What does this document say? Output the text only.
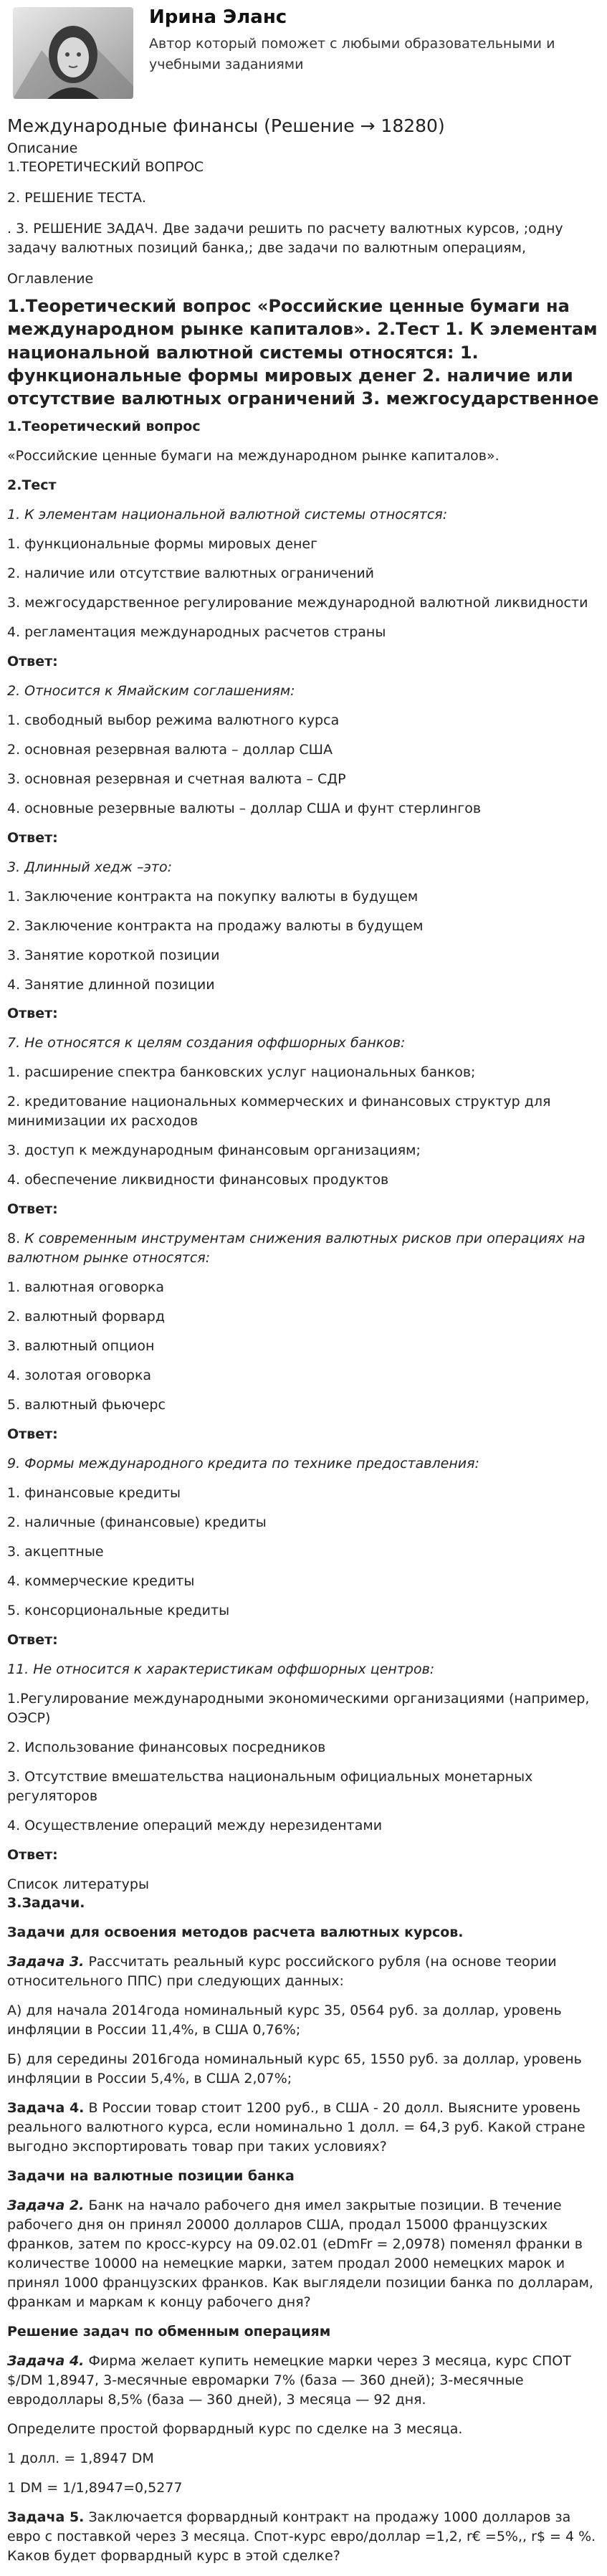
Ирина Эланс
Автор который поможет с любыми образовательными и учебными заданиями
Международные финансы (Решение → 18280)
Описание
1.ТЕОРЕТИЧЕСКИЙ ВОПРОС
2. РЕШЕНИЕ ТЕСТА.
. 3. РЕШЕНИЕ ЗАДАЧ. Две задачи решить по расчету валютных курсов, ;одну задачу валютных позиций банка,; две задачи по валютным операциям,
Оглавление
1.Теоретический вопрос «Российские ценные бумаги на международном рынке капиталов». 2.Тест 1. К элементам национальной валютной системы относятся: 1. функциональные формы мировых денег 2. наличие или отсутствие валютных ограничений 3. межгосударственное

1.Теоретический вопрос

«Российские ценные бумаги на международном рынке капиталов».

2.Тест

1. К элементам национальной валютной системы относятся:

1. функциональные формы мировых денег

2. наличие или отсутствие валютных ограничений

3. межгосударственное регулирование международной валютной ликвидности

4. регламентация международных расчетов страны

Ответ:

2. Относится к Ямайским соглашениям:

1. свободный выбор режима валютного курса

2. основная резервная валюта – доллар США

3. основная резервная и счетная валюта – СДР

4. основные резервные валюты – доллар США и фунт стерлингов

Ответ:

3. Длинный хедж –это:

1. Заключение контракта на покупку валюты в будущем

2. Заключение контракта на продажу валюты в будущем

3. Занятие короткой позиции

4. Занятие длинной позиции

Ответ:

7. Не относятся к целям создания оффшорных банков:

1. расширение спектра банковских услуг национальных банков;

2. кредитование национальных коммерческих и финансовых структур для минимизации их расходов

3. доступ к международным финансовым организациям;

4. обеспечение ликвидности финансовых продуктов

Ответ:

8. К современным инструментам снижения валютных рисков при операциях на валютном рынке относятся:

1. валютная оговорка

2. валютный форвард

3. валютный опцион

4. золотая оговорка

5. валютный фьючерс

Ответ:

9. Формы международного кредита по технике предоставления:

1. финансовые кредиты

2. наличные (финансовые) кредиты

3. акцептные

4. коммерческие кредиты

5. консорциональные кредиты

Ответ:

11. Не относится к характеристикам оффшорных центров:

1.Регулирование международными экономическими организациями (например, ОЭСР)

2. Использование финансовых посредников

3. Отсутствие вмешательства национальным официальных монетарных регуляторов

4. Осуществление операций между нерезидентами

Ответ:

Список литературы

3.Задачи.

Задачи для освоения методов расчета валютных курсов.

Задача 3. Рассчитать реальный курс российского рубля (на основе теории относительного ППС) при следующих данных:

А) для начала 2014года номинальный курс 35, 0564 руб. за доллар, уровень инфляции в России 11,4%, в США 0,76%;

Б) для середины 2016года номинальный курс 65, 1550 руб. за доллар, уровень инфляции в России 5,4%, в США 2,07%;

Задача 4. В России товар стоит 1200 руб., в США - 20 долл. Выясните уровень реального валютного курса, если номинально 1 долл. = 64,3 руб. Какой стране выгодно экспортировать товар при таких условиях?

Задачи на валютные позиции банка

Задача 2. Банк на начало рабочего дня имел закрытые позиции. В течение рабочего дня он принял 20000 долларов США, продал 15000 французских франков, затем по кросс-курсу на 09.02.01 (eDmFr = 2,0978) поменял франки в количестве 10000 на немецкие марки, затем продал 2000 немецких марок и принял 1000 французских франков. Как выглядели позиции банка по долларам, франкам и маркам к концу рабочего дня?

Решение задач по обменным операциям

Задача 4. Фирма желает купить немецкие марки через 3 месяца, курс СПОТ $/DM 1,8947, 3-месячные евромарки 7% (база — 360 дней); 3-месячные евродоллары 8,5% (база — 360 дней), 3 месяца — 92 дня.

Определите простой форвардный курс по сделке на 3 месяца.

1 долл. = 1,8947 DM

1 DM = 1/1,8947=0,5277

Задача 5. Заключается форвардный контракт на продажу 1000 долларов за евро с поставкой через 3 месяца. Спот-курс евро/доллар =1,2, r€ =5%,, r$ = 4 %. Каков будет форвардный курс в этой сделке?
